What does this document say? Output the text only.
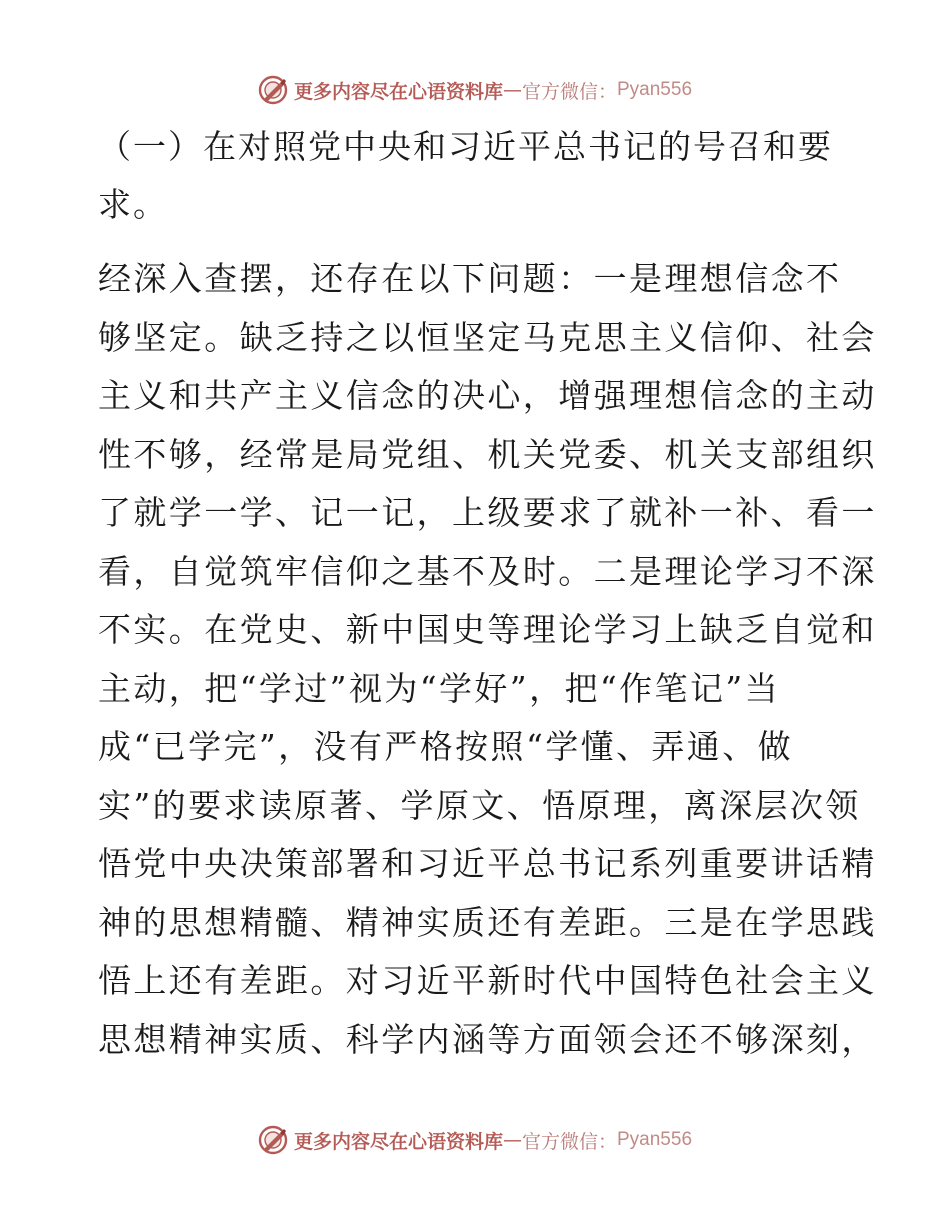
更多内容尽在心语资料库 — 官方微信： Pyan556
（一）在对照党中央和习近平总书记的号召和要
求。
经深入查摆，还存在以下问题：一是理想信念不
够坚定。缺乏持之以恒坚定马克思主义信仰、社会
主义和共产主义信念的决心，增强理想信念的主动
性不够，经常是局党组、机关党委、机关支部组织
了就学一学、记一记，上级要求了就补一补、看一
看，自觉筑牢信仰之基不及时。二是理论学习不深
不实。在党史、新中国史等理论学习上缺乏自觉和
主动，把“学过”视为“学好”，把“作笔记”当
成“已学完”，没有严格按照“学懂、弄通、做
实”的要求读原著、学原文、悟原理，离深层次领
悟党中央决策部署和习近平总书记系列重要讲话精
神的思想精髓、精神实质还有差距。三是在学思践
悟上还有差距。对习近平新时代中国特色社会主义
思想精神实质、科学内涵等方面领会还不够深刻，
更多内容尽在心语资料库 — 官方微信： Pyan556
